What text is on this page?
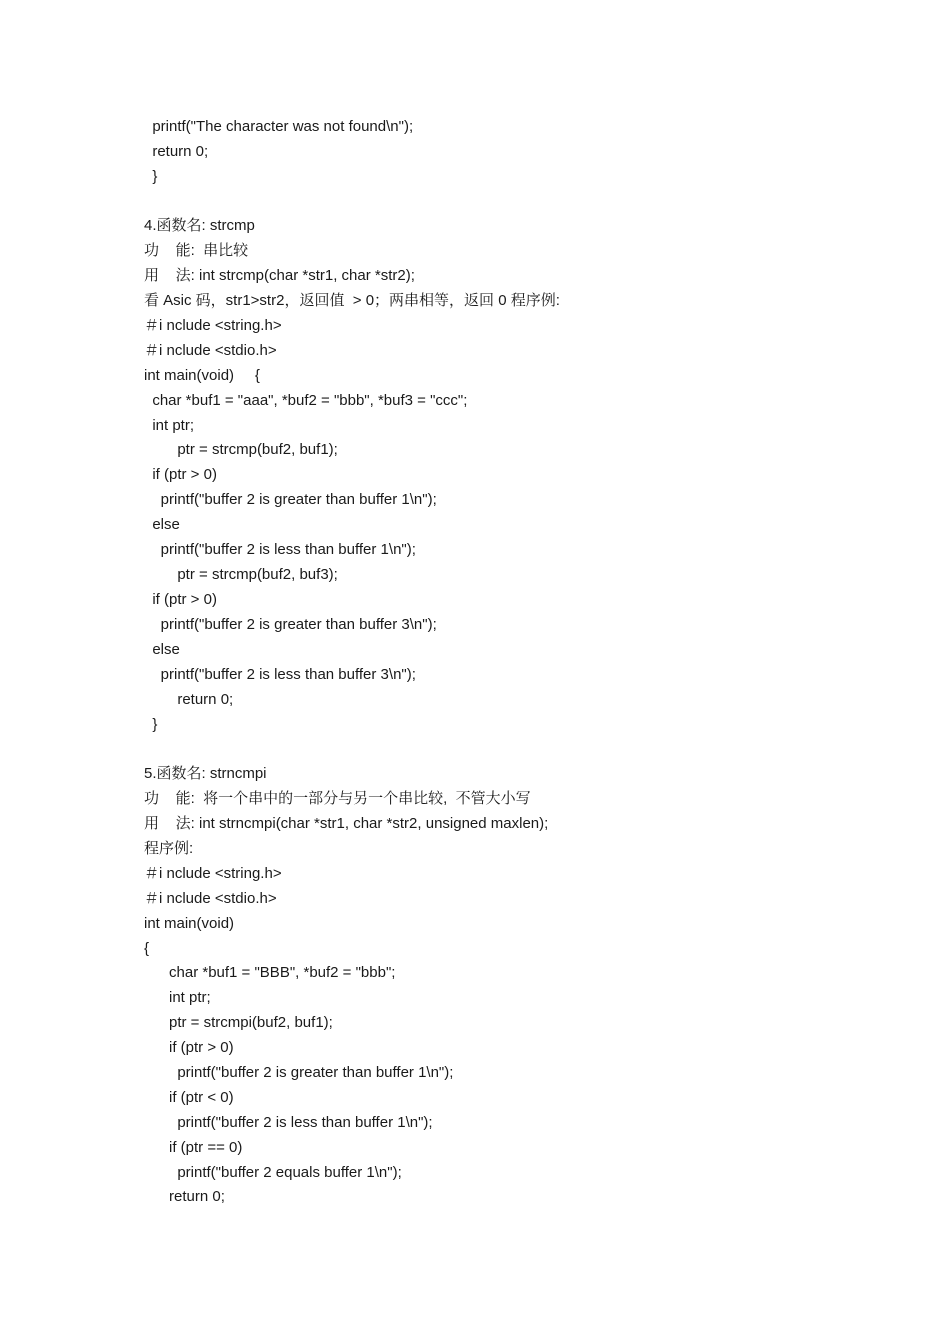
printf("The character was not found\n");
return 0;
}
4.函数名: strcmp
功    能:  串比较
用    法: int strcmp(char *str1, char *str2);
看 Asic 码，str1>str2，返回值  > 0；两串相等，返回 0 程序例:
＃i nclude <string.h>
＃i nclude <stdio.h>
int main(void)     {
char *buf1 = "aaa", *buf2 = "bbb", *buf3 = "ccc";
int ptr;
ptr = strcmp(buf2, buf1);
if (ptr > 0)
printf("buffer 2 is greater than buffer 1\n");
else
printf("buffer 2 is less than buffer 1\n");
ptr = strcmp(buf2, buf3);
if (ptr > 0)
printf("buffer 2 is greater than buffer 3\n");
else
printf("buffer 2 is less than buffer 3\n");
return 0;
}
5.函数名: strncmpi
功    能:  将一个串中的一部分与另一个串比较,  不管大小写
用    法: int strncmpi(char *str1, char *str2, unsigned maxlen);
程序例:
＃i nclude <string.h>
＃i nclude <stdio.h>
int main(void)
{
char *buf1 = "BBB", *buf2 = "bbb";
int ptr;
ptr = strcmpi(buf2, buf1);
if (ptr > 0)
printf("buffer 2 is greater than buffer 1\n");
if (ptr < 0)
printf("buffer 2 is less than buffer 1\n");
if (ptr == 0)
printf("buffer 2 equals buffer 1\n");
return 0;
